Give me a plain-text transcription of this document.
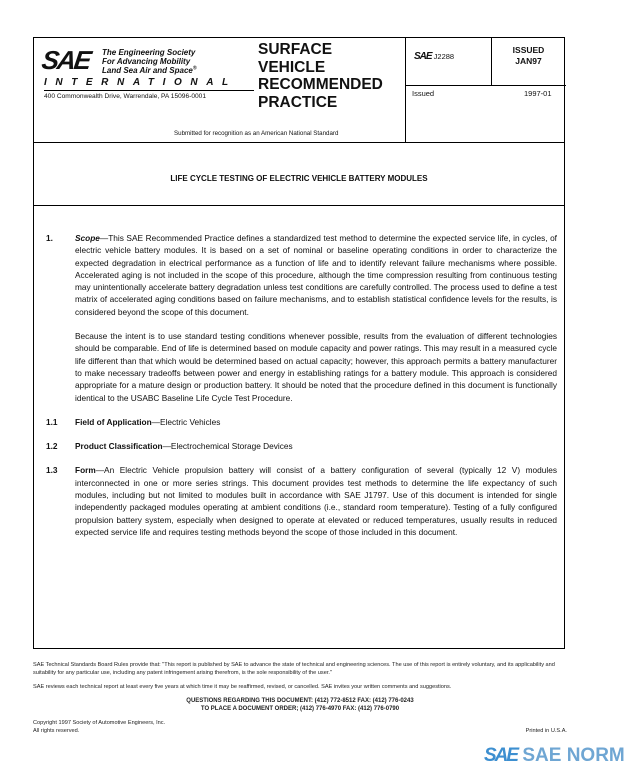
SAE The Engineering Society
For Advancing Mobility
Land Sea Air and Space®
INTERNATIONAL
400 Commonwealth Drive, Warrendale, PA 15096-0001
SURFACE
VEHICLE
RECOMMENDED
PRACTICE
Submitted for recognition as an American National Standard
SAE J2288
ISSUED
JAN97
Issued	1997-01
LIFE CYCLE TESTING OF ELECTRIC VEHICLE BATTERY MODULES
1.	Scope—This SAE Recommended Practice defines a standardized test method to determine the expected service life, in cycles, of electric vehicle battery modules. It is based on a set of nominal or baseline operating conditions in order to characterize the expected degradation in electrical performance as a function of life and to identify relevant failure mechanisms where possible. Accelerated aging is not included in the scope of this procedure, although the time compression resulting from continuous testing may unintentionally accelerate battery degradation unless test conditions are carefully controlled. The process used to define a test matrix of accelerated aging conditions based on failure mechanisms, and to establish statistical confidence levels for the results, is considered beyond the scope of this document.
Because the intent is to use standard testing conditions whenever possible, results from the evaluation of different technologies should be comparable. End of life is determined based on module capacity and power ratings. This may result in a measured cycle life different than that which would be determined based on actual capacity; however, this approach permits a battery manufacturer to make necessary tradeoffs between power and energy in establishing ratings for a battery module. This approach is considered appropriate for a mature design or production battery. It should be noted that the procedure defined in this document is functionally identical to the USABC Baseline Life Cycle Test Procedure.
1.1 Field of Application—Electric Vehicles
1.2 Product Classification—Electrochemical Storage Devices
1.3 Form—An Electric Vehicle propulsion battery will consist of a battery configuration of several (typically 12 V) modules interconnected in one or more series strings. This document provides test methods to determine the life expectancy of such modules, including but not limited to modules built in accordance with SAE J1797. Use of this document is intended for single independently packaged modules operating at ambient conditions (i.e., standard room temperature). Testing of a fully configured propulsion battery system, especially when designed to operate at elevated or reduced temperatures, usually results in reduced expected service life and requires testing methods beyond the scope of those included in this document.
SAE Technical Standards Board Rules provide that: "This report is published by SAE to advance the state of technical and engineering sciences. The use of this report is entirely voluntary, and its applicability and suitability for any particular use, including any patent infringement arising therefrom, is the sole responsibility of the user."
SAE reviews each technical report at least every five years at which time it may be reaffirmed, revised, or cancelled. SAE invites your written comments and suggestions.
QUESTIONS REGARDING THIS DOCUMENT: (412) 772-8512 FAX: (412) 776-0243
TO PLACE A DOCUMENT ORDER; (412) 776-4970 FAX: (412) 776-0790
Copyright 1997 Society of Automotive Engineers, Inc.
All rights reserved.	Printed in U.S.A.
SAE SAE NORM
